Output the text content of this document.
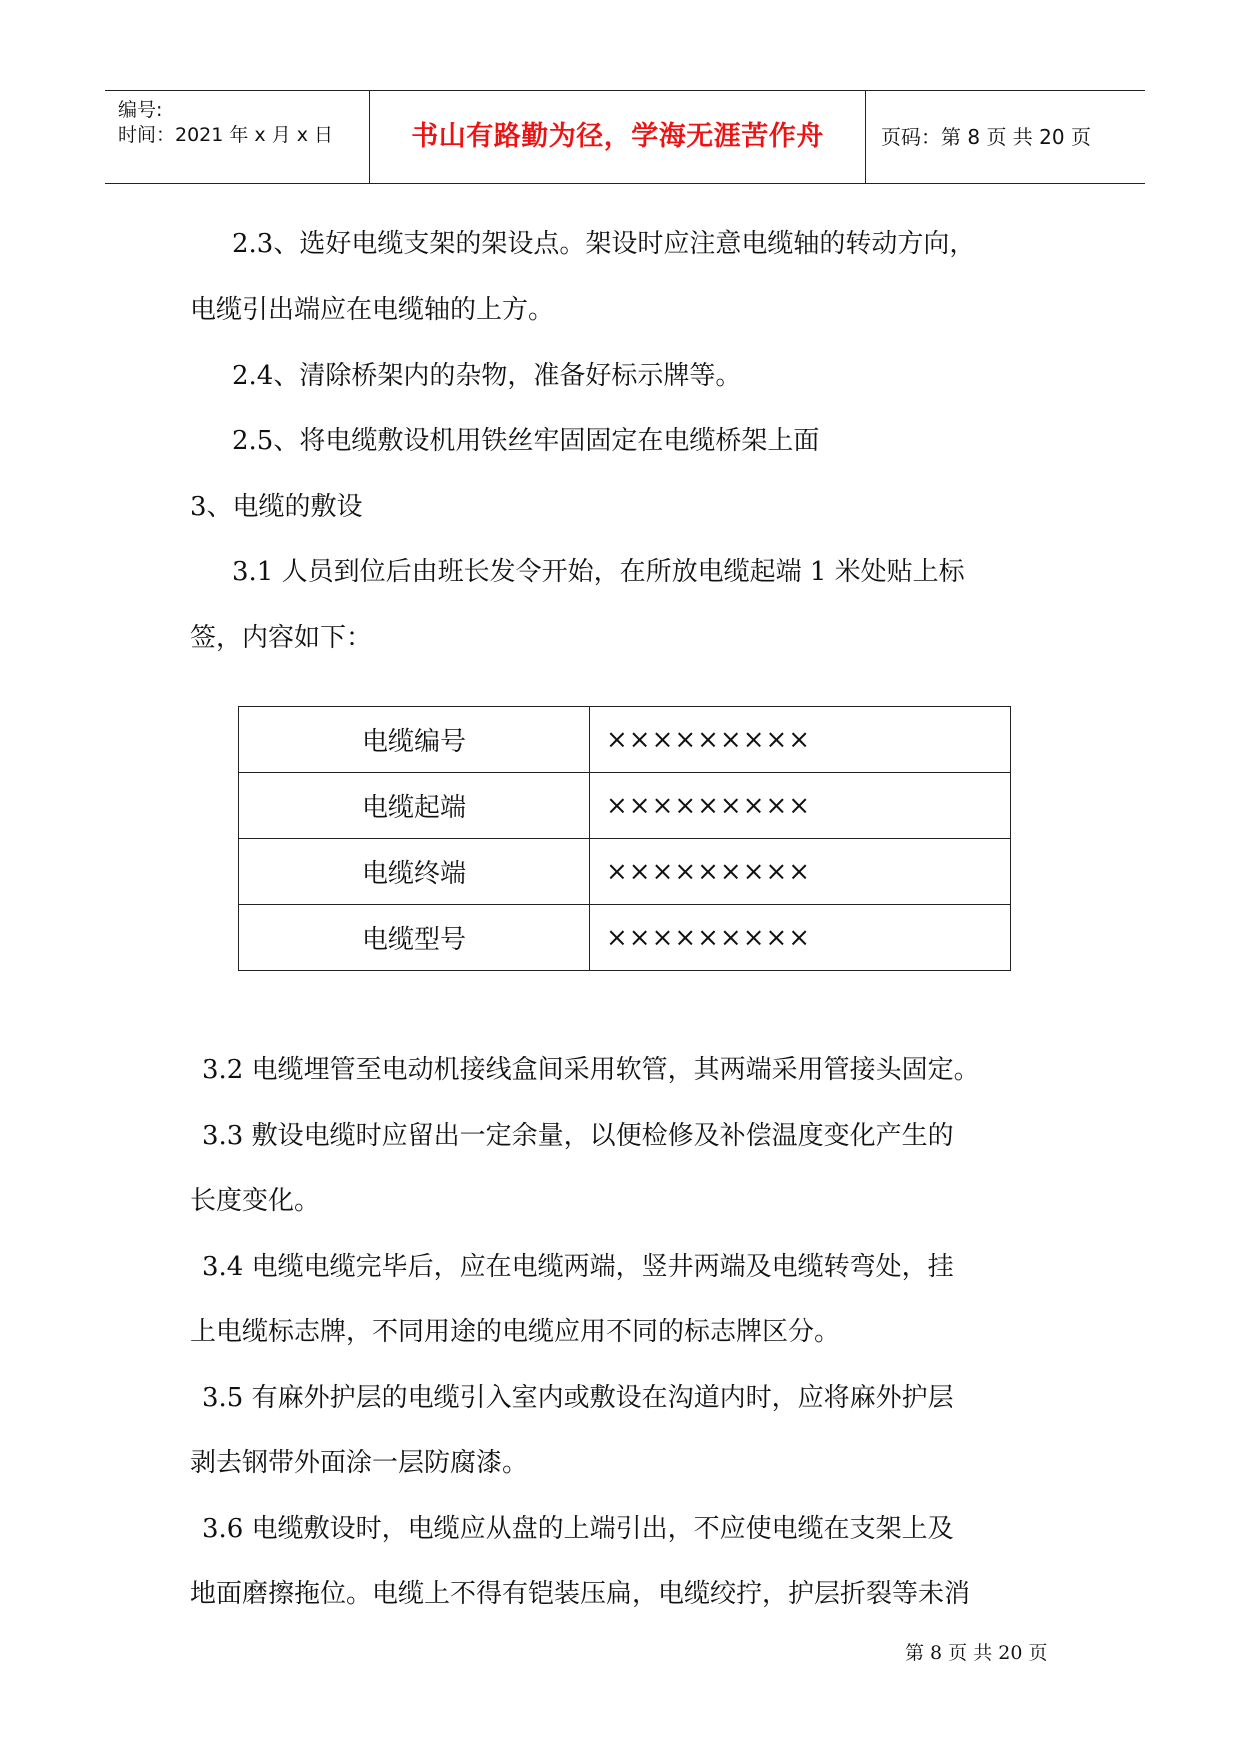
编号:
时间：2021 年 x 月 x 日	书山有路勤为径，学海无涯苦作舟	页码：第 8 页 共 20 页
2.3、选好电缆支架的架设点。架设时应注意电缆轴的转动方向，
电缆引出端应在电缆轴的上方。
2.4、清除桥架内的杂物，准备好标示牌等。
2.5、将电缆敷设机用铁丝牢固固定在电缆桥架上面
3、电缆的敷设
3.1 人员到位后由班长发令开始，在所放电缆起端 1 米处贴上标
签，内容如下：
电缆编号	×××××××××
电缆起端	×××××××××
电缆终端	×××××××××
电缆型号	×××××××××
3.2 电缆埋管至电动机接线盒间采用软管，其两端采用管接头固定。
3.3 敷设电缆时应留出一定余量，以便检修及补偿温度变化产生的
长度变化。
3.4 电缆电缆完毕后，应在电缆两端，竖井两端及电缆转弯处，挂
上电缆标志牌，不同用途的电缆应用不同的标志牌区分。
3.5 有麻外护层的电缆引入室内或敷设在沟道内时，应将麻外护层
剥去钢带外面涂一层防腐漆。
3.6 电缆敷设时，电缆应从盘的上端引出，不应使电缆在支架上及
地面磨擦拖位。电缆上不得有铠装压扁，电缆绞拧，护层折裂等未消
第 8 页 共 20 页
